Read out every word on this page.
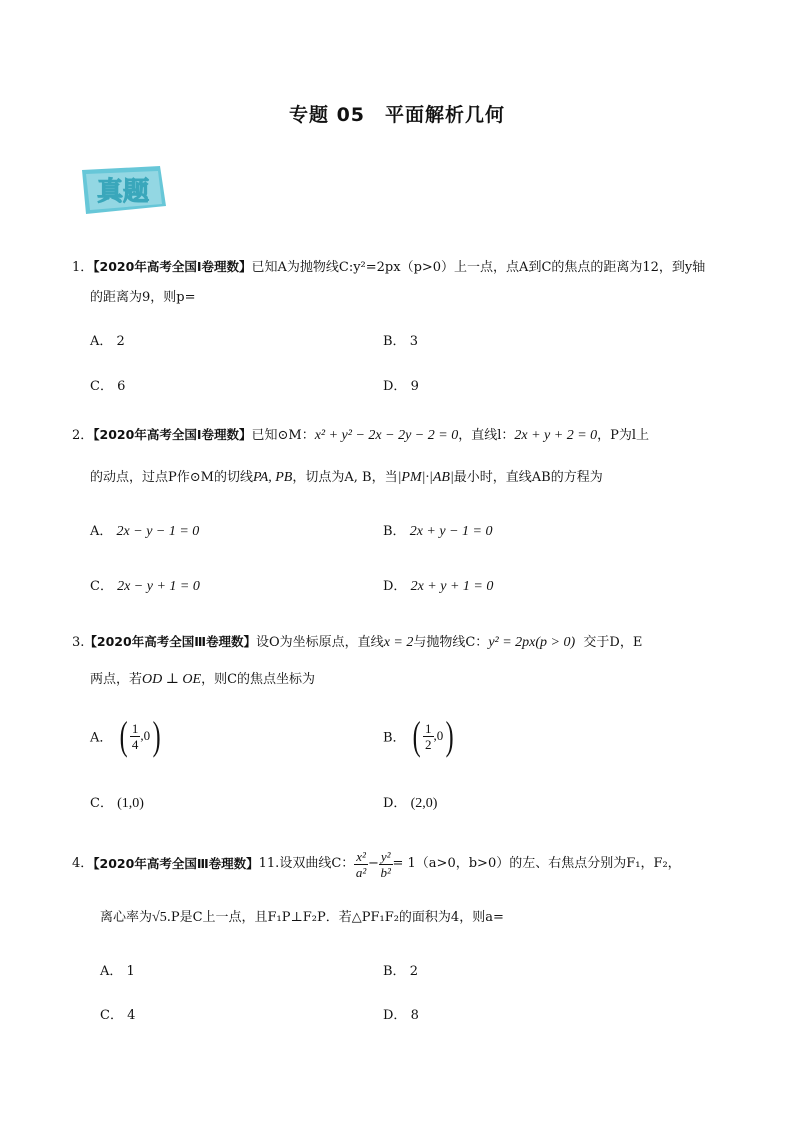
专题 05　平面解析几何
真题
1．【2020年高考全国Ⅰ卷理数】已知A为抛物线C:y²=2px（p>0）上一点，点A到C的焦点的距离为12，到y轴
的距离为9，则p=
A． 2	B． 3
C． 6	D． 9
2．【2020年高考全国Ⅰ卷理数】已知⊙M：x² + y² − 2x − 2y − 2 = 0，直线l：2x + y + 2 = 0，P为l上
的动点，过点P作⊙M的切线PA, PB，切点为A, B，当|PM|·|AB|最小时，直线AB的方程为
A． 2x − y − 1 = 0	B． 2x + y − 1 = 0
C． 2x − y + 1 = 0	D． 2x + y + 1 = 0
3.【2020年高考全国Ⅲ卷理数】设O为坐标原点，直线x = 2与抛物线C：y² = 2px(p > 0) 交于D，E
两点，若OD ⊥ OE，则C的焦点坐标为
A． ( $\frac{1}{4} ,0$)	B． ( $\frac{1}{2} ,0$)
C． (1,0)	D． (2,0)
4．【2020年高考全国Ⅲ卷理数】11.设双曲线C： $\frac{\text{x²}}{\text{a²}} - \frac{\text{y²}}{\text{b²}} = 1(a>0$，b>0）的左、右焦点分别为F₁，F₂，
离心率为√5.P是C上一点，且F₁P⊥F₂P．若△PF₁F₂的面积为4，则a=
A． 1	B． 2
C． 4	D． 8
